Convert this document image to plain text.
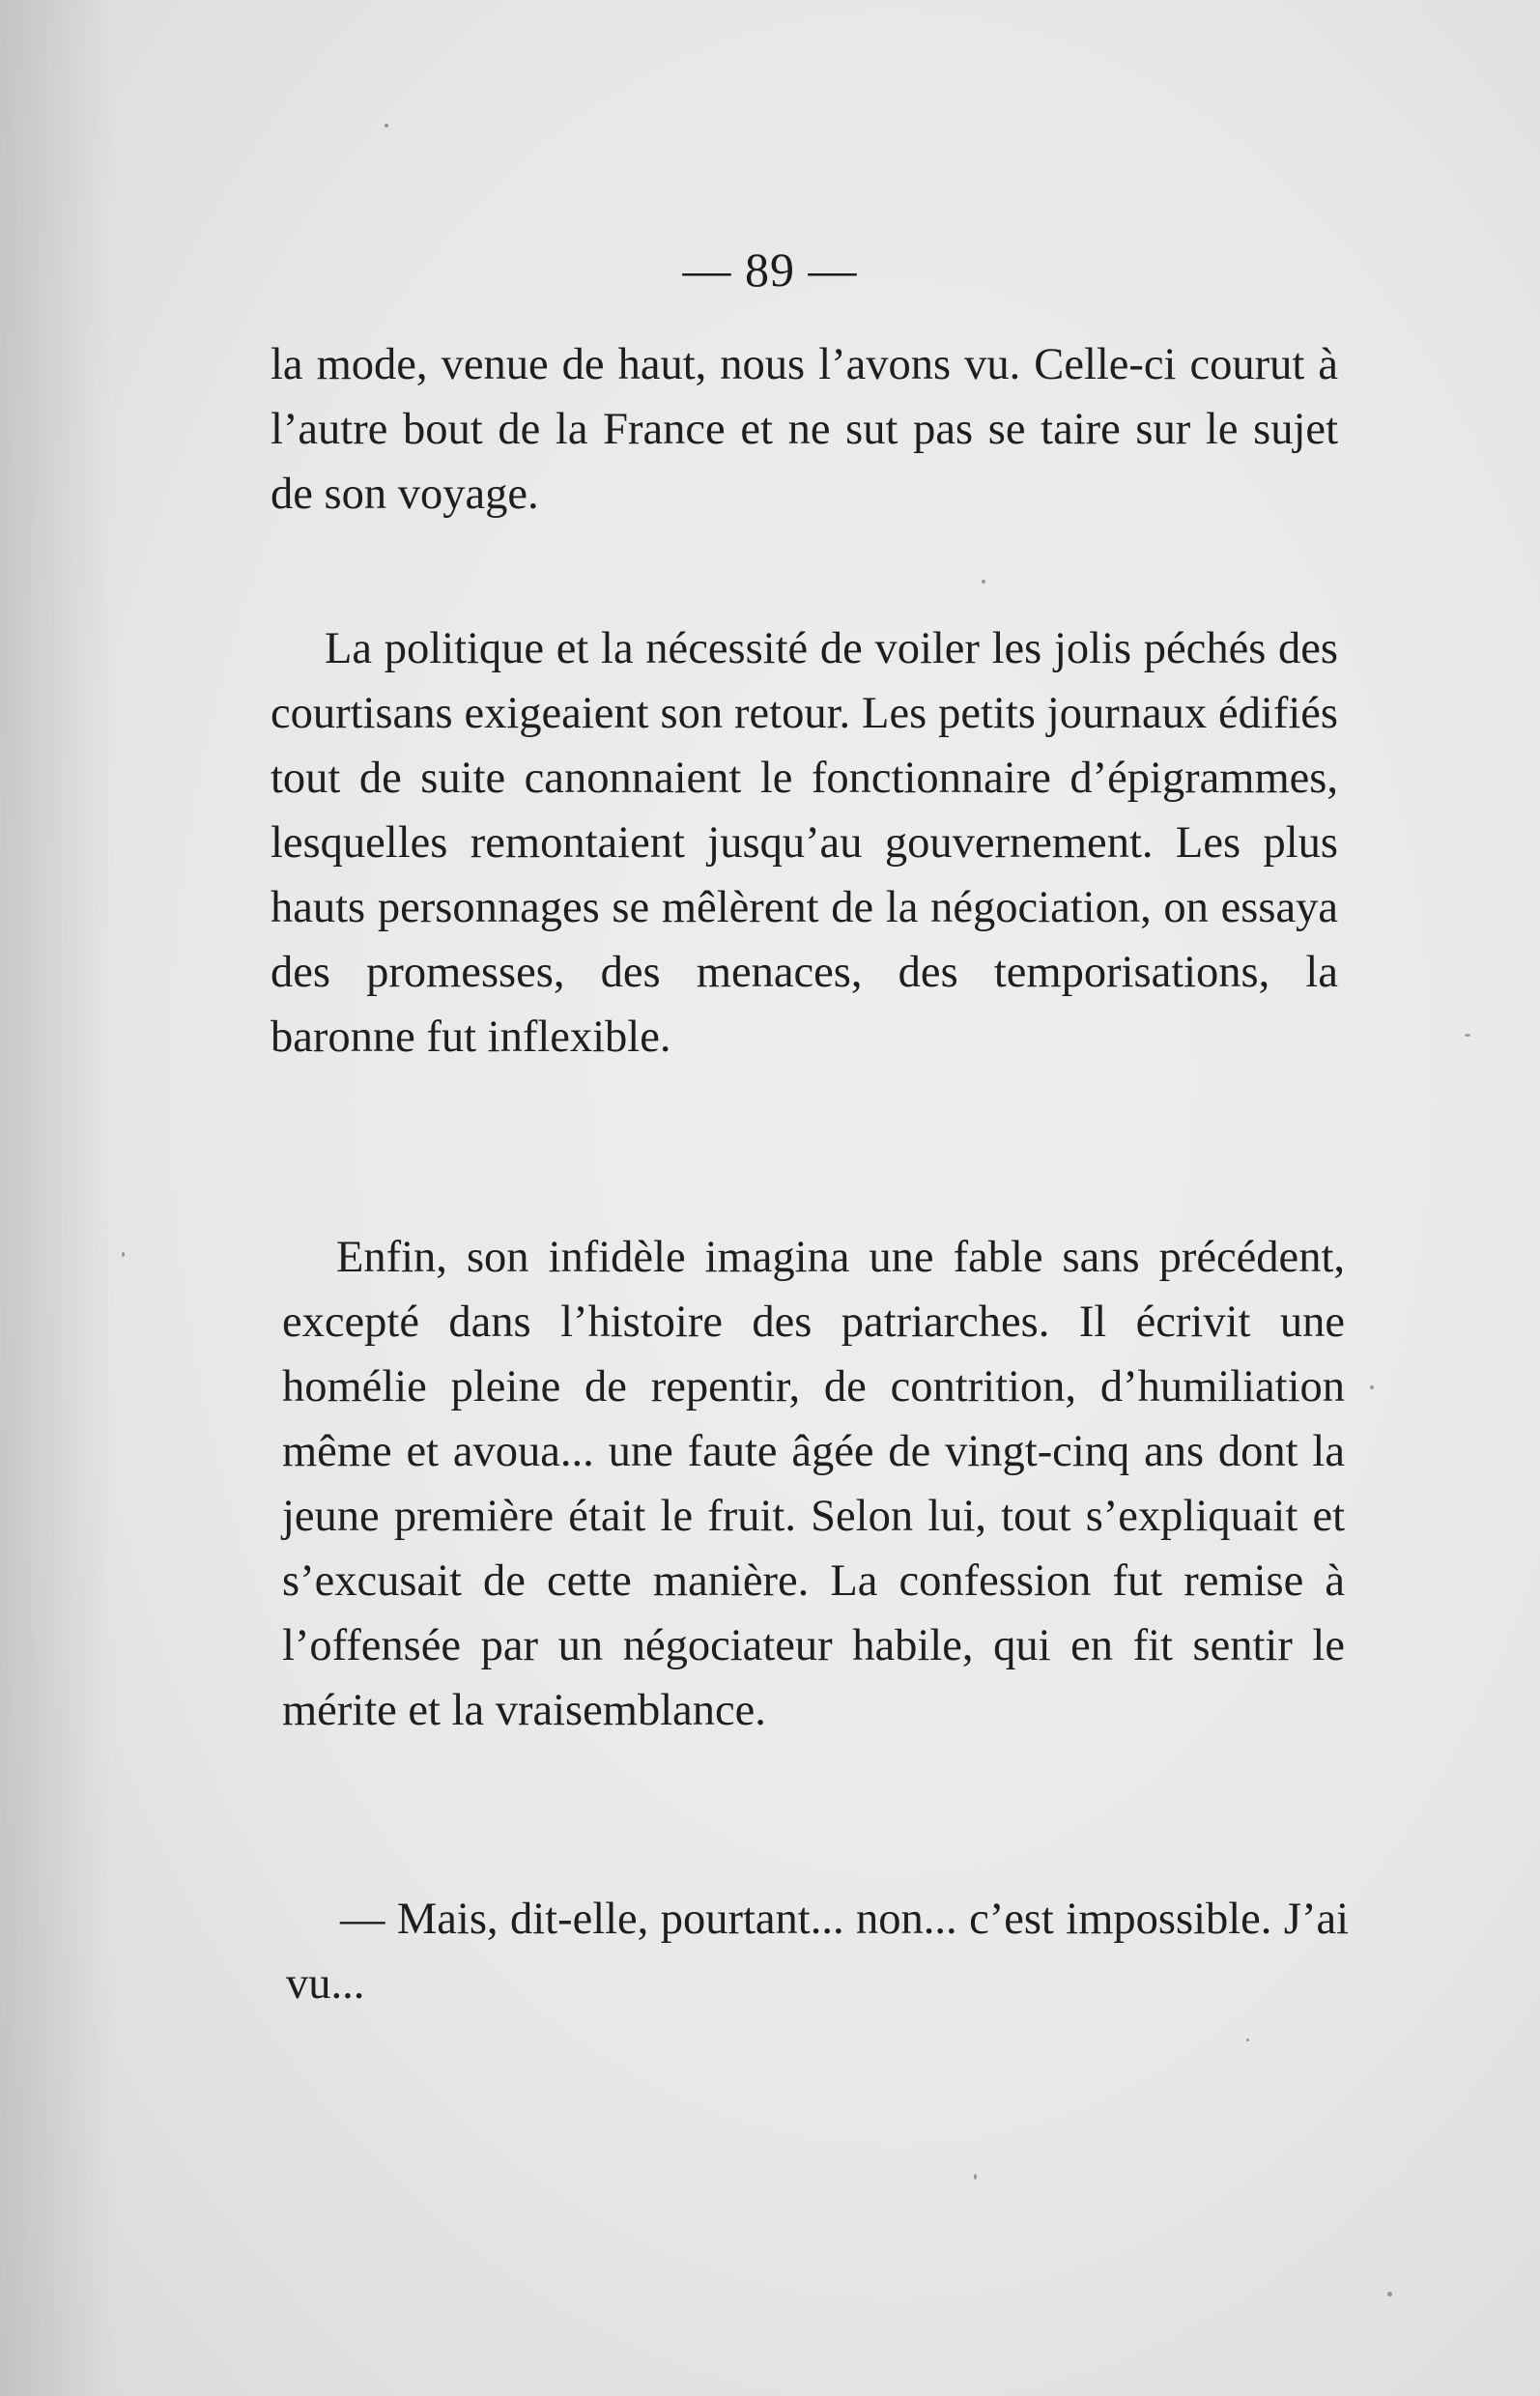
— 89 —

la mode, venue de haut, nous l’avons vu. Celle-ci courut à l’autre bout de la France et ne sut pas se taire sur le sujet de son voyage.

La politique et la nécessité de voiler les jolis péchés des courtisans exigeaient son retour. Les petits journaux édifiés tout de suite canonnaient le fonctionnaire d’épigrammes, lesquelles remontaient jusqu’au gouvernement. Les plus hauts personnages se mêlèrent de la négociation, on essaya des promesses, des menaces, des temporisations, la baronne fut inflexible.

Enfin, son infidèle imagina une fable sans précédent, excepté dans l’histoire des patriarches. Il écrivit une homélie pleine de repentir, de contrition, d’humiliation même et avoua... une faute âgée de vingt-cinq ans dont la jeune première était le fruit. Selon lui, tout s’expliquait et s’excusait de cette manière. La confession fut remise à l’offensée par un négociateur habile, qui en fit sentir le mérite et la vraisemblance.

— Mais, dit-elle, pourtant... non... c’est impossible. J’ai vu...
